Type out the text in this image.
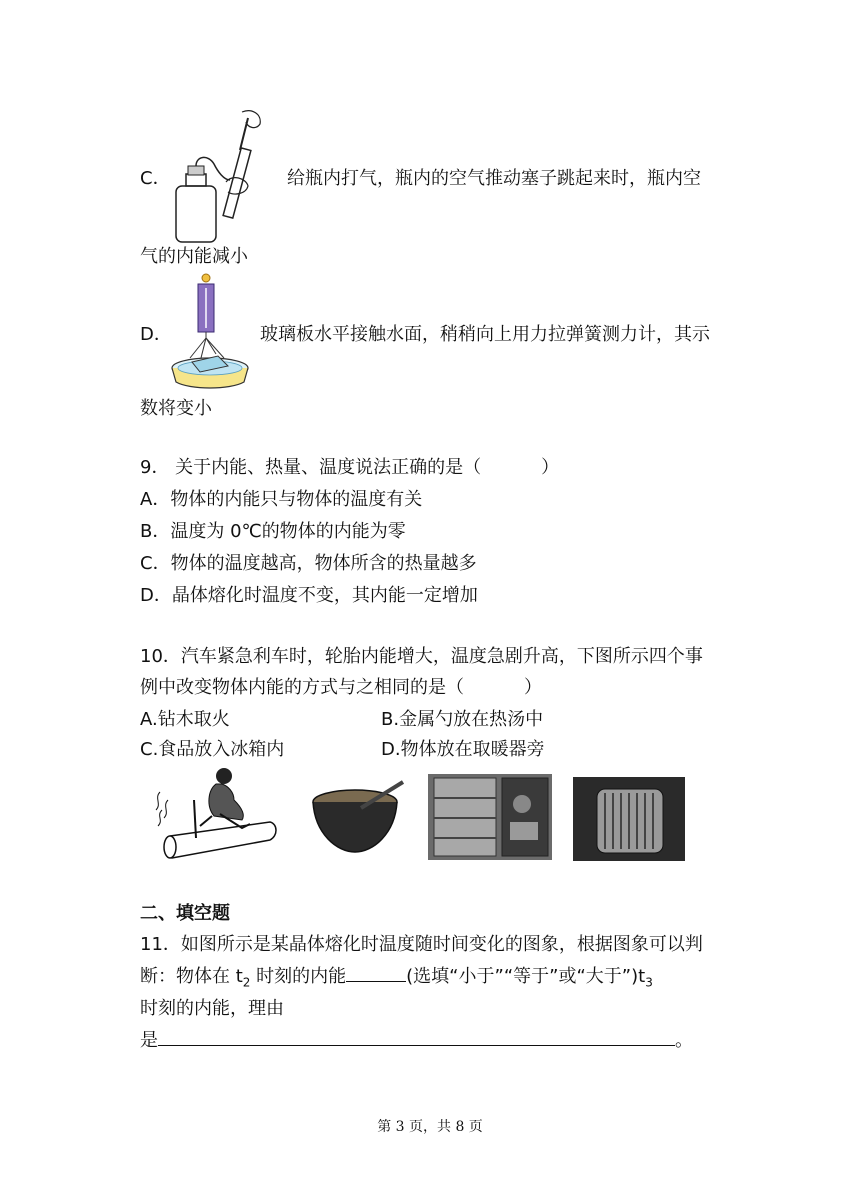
C．	给瓶内打气，瓶内的空气推动塞子跳起来时，瓶内空
气的内能减小
D．	玻璃板水平接触水面，稍稍向上用力拉弹簧测力计，其示
数将变小
9． 关于内能、热量、温度说法正确的是（	）
A．物体的内能只与物体的温度有关
B．温度为 0℃的物体的内能为零
C．物体的温度越高，物体所含的热量越多
D．晶体熔化时温度不变，其内能一定增加
10．汽车紧急利车时，轮胎内能增大，温度急剧升高，下图所示四个事
例中改变物体内能的方式与之相同的是（	）
A.钻木取火	B.金属勺放在热汤中
C.食品放入冰箱内	D.物体放在取暖器旁
二、填空题
11．如图所示是某晶体熔化时温度随时间变化的图象，根据图象可以判
断：物体在 $t_2$ 时刻的内能	(选填“小于”“等于”或“大于$”)t_3$
时刻的内能，理由
是	。
第 3 页，共 8 页
